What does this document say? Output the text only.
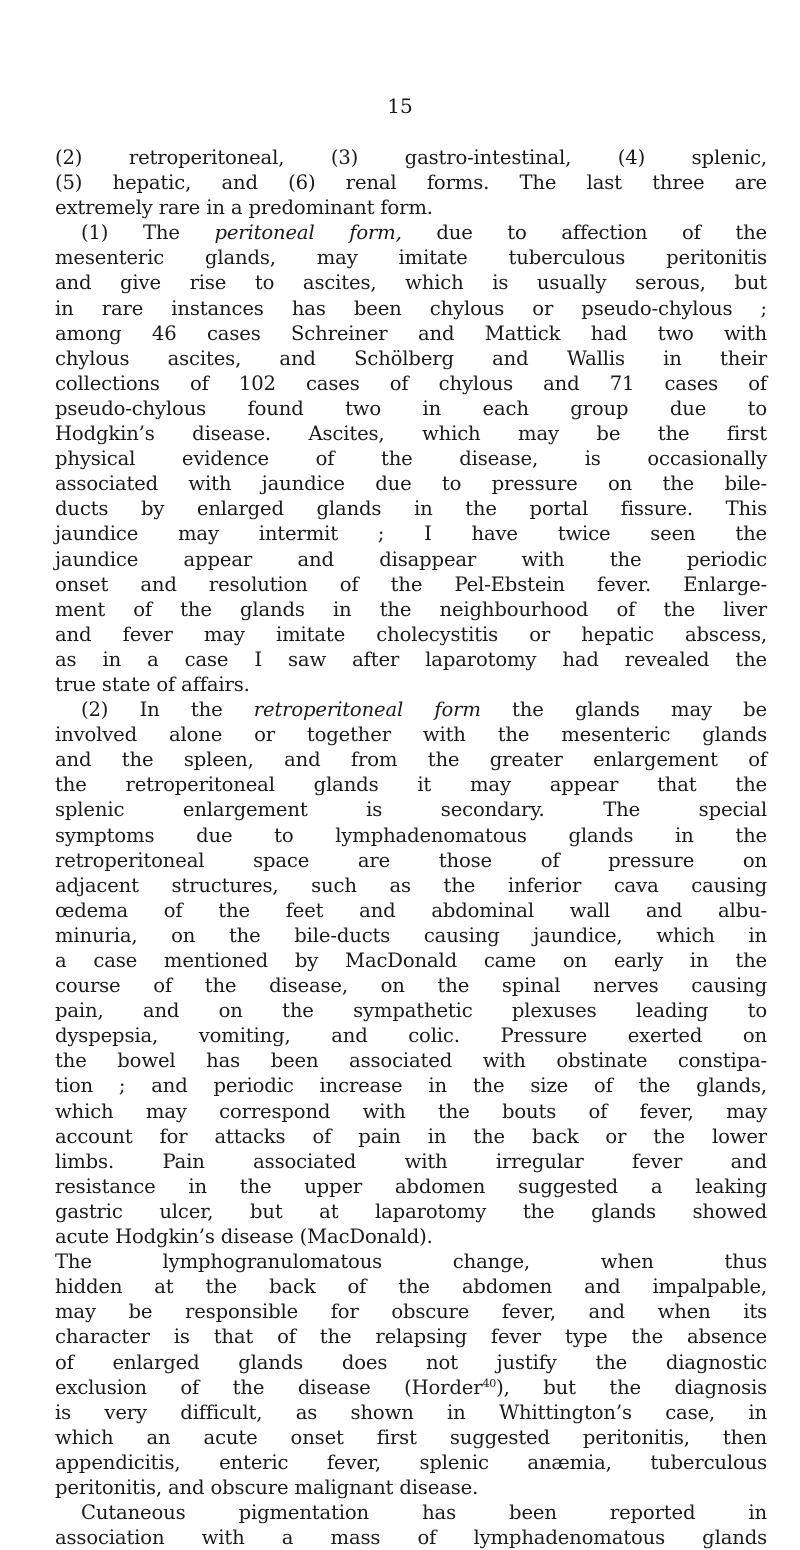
15
(2) retroperitoneal, (3) gastro-intestinal, (4) splenic,
(5) hepatic, and (6) renal forms. The last three are
extremely rare in a predominant form.
(1) The peritoneal form, due to affection of the
mesenteric glands, may imitate tuberculous peritonitis
and give rise to ascites, which is usually serous, but
in rare instances has been chylous or pseudo-chylous ;
among 46 cases Schreiner and Mattick had two with
chylous ascites, and Schölberg and Wallis in their
collections of 102 cases of chylous and 71 cases of
pseudo-chylous found two in each group due to
Hodgkin’s disease. Ascites, which may be the first
physical evidence of the disease, is occasionally
associated with jaundice due to pressure on the bile-
ducts by enlarged glands in the portal fissure. This
jaundice may intermit ; I have twice seen the
jaundice appear and disappear with the periodic
onset and resolution of the Pel-Ebstein fever. Enlarge-
ment of the glands in the neighbourhood of the liver
and fever may imitate cholecystitis or hepatic abscess,
as in a case I saw after laparotomy had revealed the
true state of affairs.
(2) In the retroperitoneal form the glands may be
involved alone or together with the mesenteric glands
and the spleen, and from the greater enlargement of
the retroperitoneal glands it may appear that the
splenic enlargement is secondary. The special
symptoms due to lymphadenomatous glands in the
retroperitoneal space are those of pressure on
adjacent structures, such as the inferior cava causing
œdema of the feet and abdominal wall and albu-
minuria, on the bile-ducts causing jaundice, which in
a case mentioned by MacDonald came on early in the
course of the disease, on the spinal nerves causing
pain, and on the sympathetic plexuses leading to
dyspepsia, vomiting, and colic. Pressure exerted on
the bowel has been associated with obstinate constipa-
tion ; and periodic increase in the size of the glands,
which may correspond with the bouts of fever, may
account for attacks of pain in the back or the lower
limbs. Pain associated with irregular fever and
resistance in the upper abdomen suggested a leaking
gastric ulcer, but at laparotomy the glands showed
acute Hodgkin’s disease (MacDonald).
The lymphogranulomatous change, when thus
hidden at the back of the abdomen and impalpable,
may be responsible for obscure fever, and when its
character is that of the relapsing fever type the absence
of enlarged glands does not justify the diagnostic
exclusion of the disease (Horder$^{40}$), but the diagnosis
is very difficult, as shown in Whittington’s case, in
which an acute onset first suggested peritonitis, then
appendicitis, enteric fever, splenic anæmia, tuberculous
peritonitis, and obscure malignant disease.
Cutaneous pigmentation has been reported in
association with a mass of lymphadenomatous glands
